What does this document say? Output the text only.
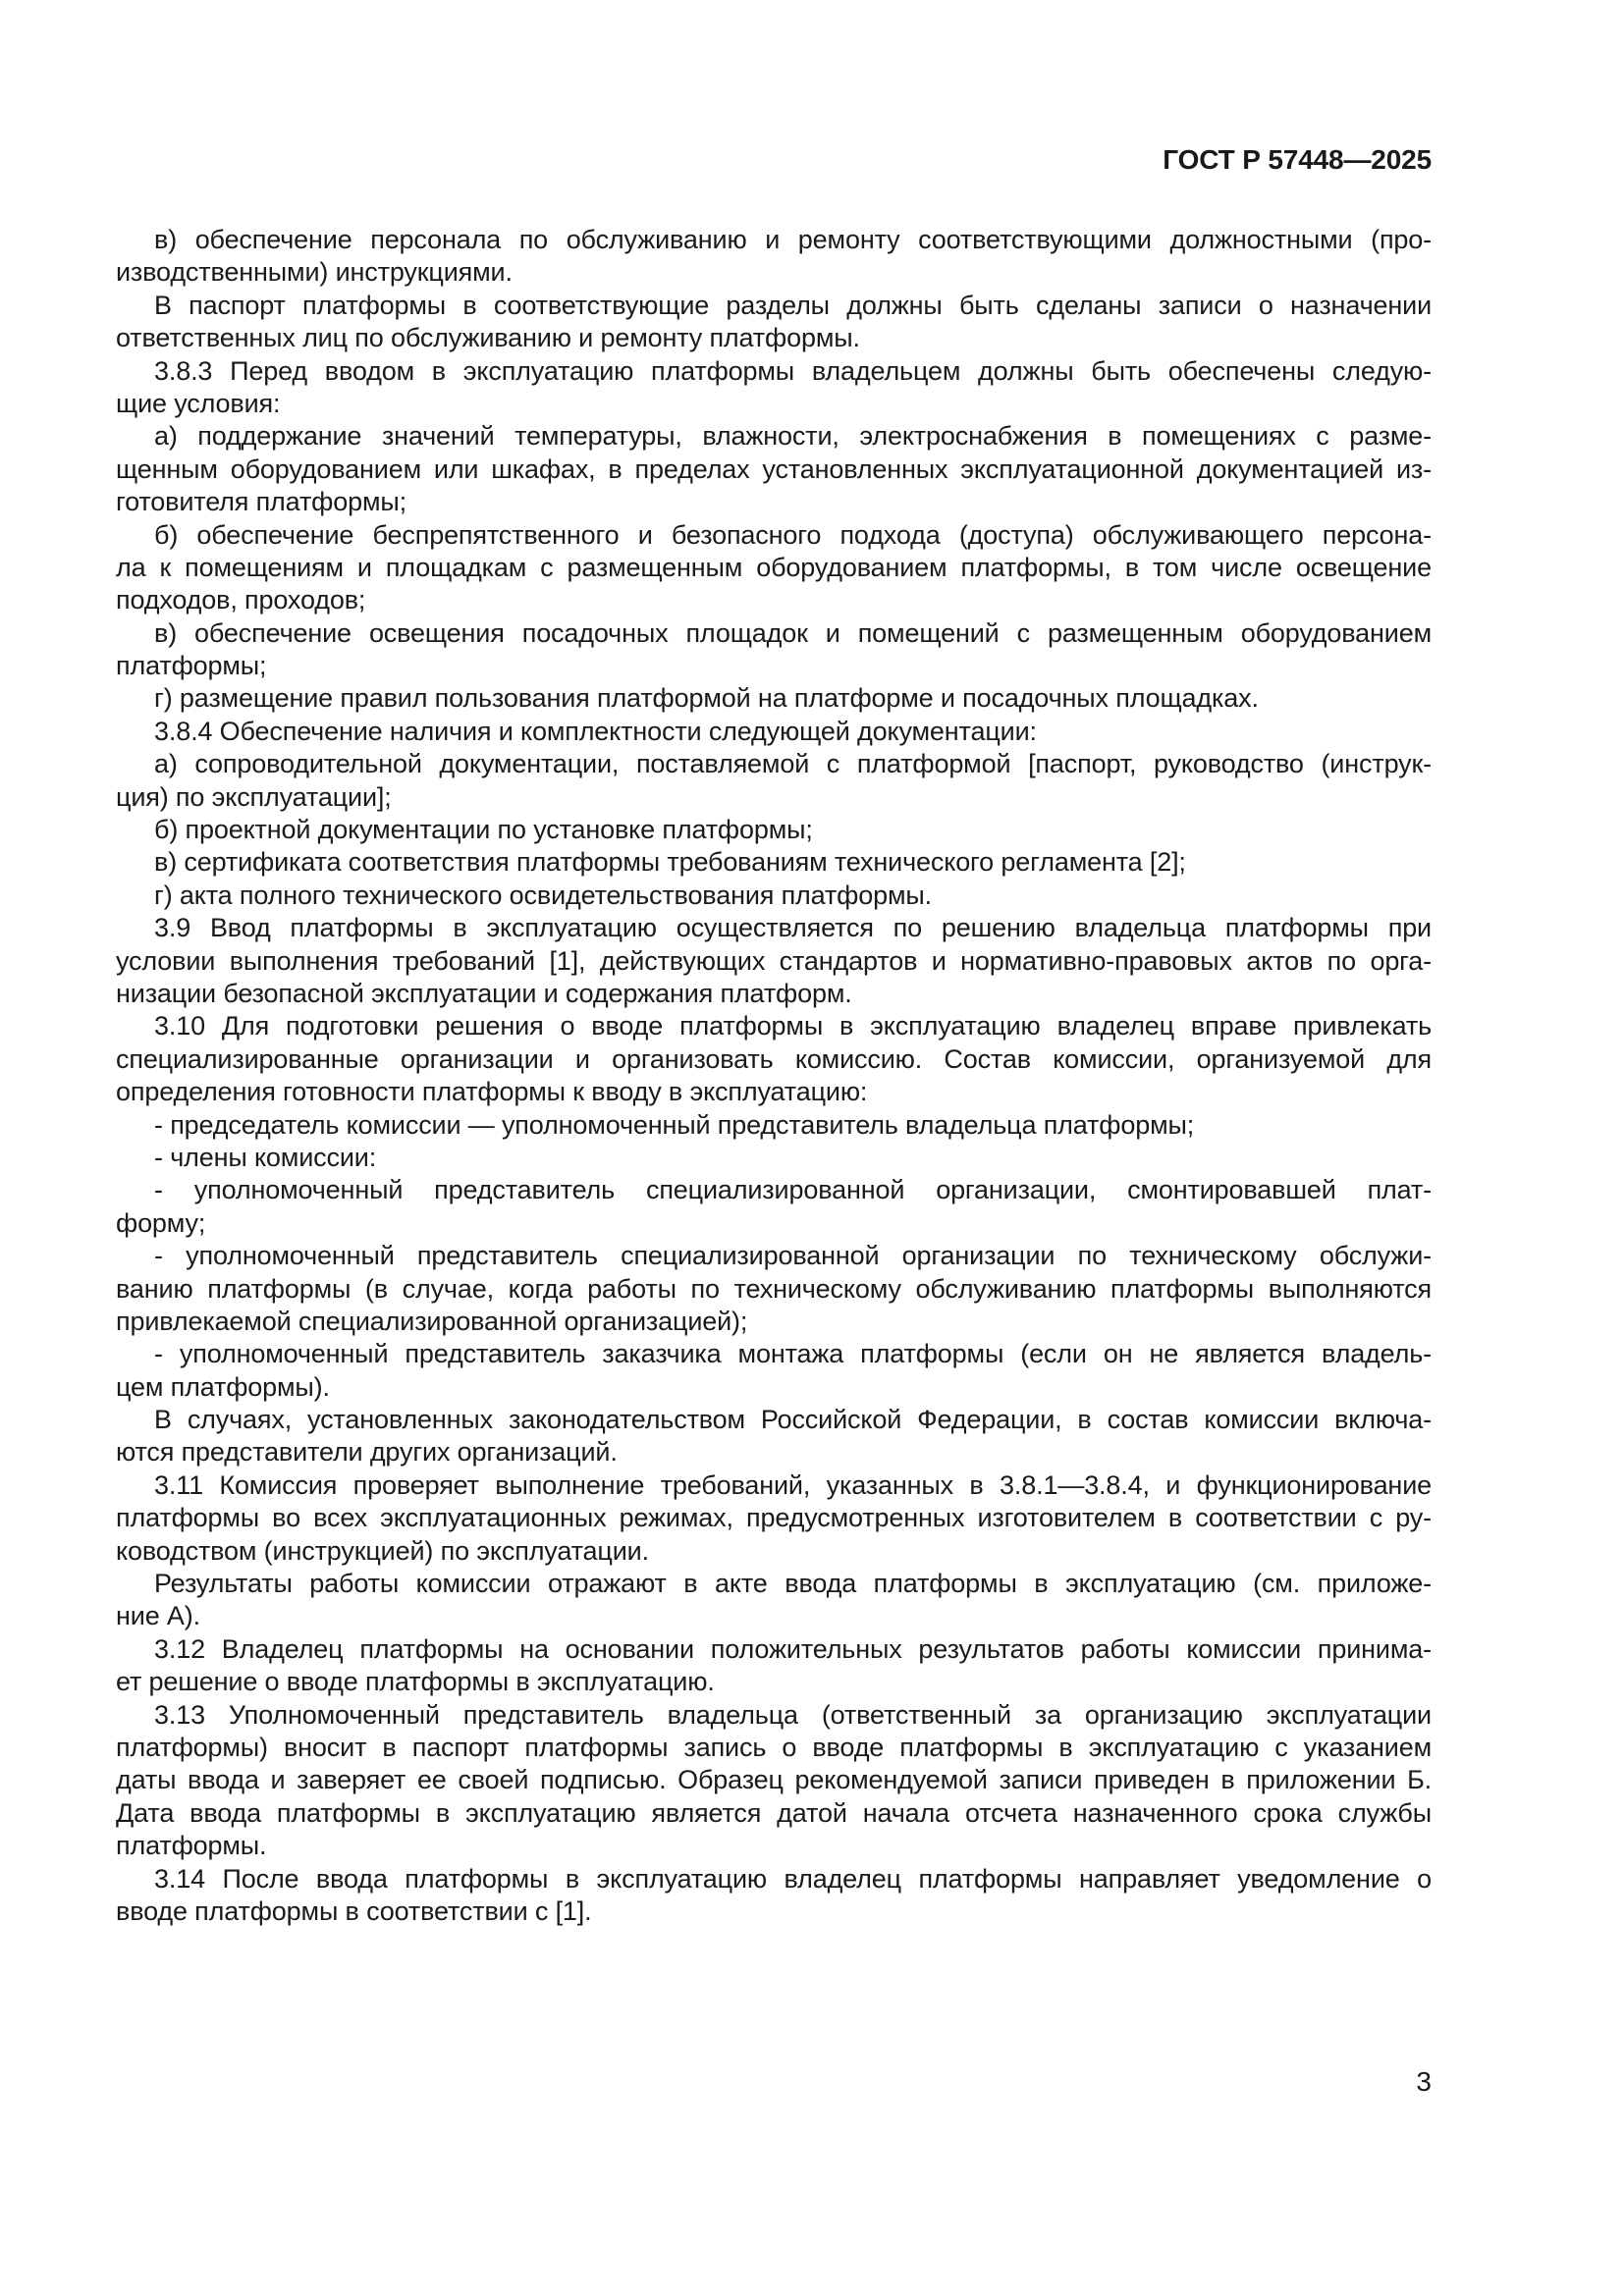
ГОСТ Р 57448—2025
в) обеспечение персонала по обслуживанию и ремонту соответствующими должностными (про-
изводственными) инструкциями.
В паспорт платформы в соответствующие разделы должны быть сделаны записи о назначении
ответственных лиц по обслуживанию и ремонту платформы.
3.8.3 Перед вводом в эксплуатацию платформы владельцем должны быть обеспечены следую-
щие условия:
а) поддержание значений температуры, влажности, электроснабжения в помещениях с разме-
щенным оборудованием или шкафах, в пределах установленных эксплуатационной документацией из-
готовителя платформы;
б) обеспечение беспрепятственного и безопасного подхода (доступа) обслуживающего персона-
ла к помещениям и площадкам с размещенным оборудованием платформы, в том числе освещение
подходов, проходов;
в) обеспечение освещения посадочных площадок и помещений с размещенным оборудованием
платформы;
г) размещение правил пользования платформой на платформе и посадочных площадках.
3.8.4 Обеспечение наличия и комплектности следующей документации:
а) сопроводительной документации, поставляемой с платформой [паспорт, руководство (инструк-
ция) по эксплуатации];
б) проектной документации по установке платформы;
в) сертификата соответствия платформы требованиям технического регламента [2];
г) акта полного технического освидетельствования платформы.
3.9 Ввод платформы в эксплуатацию осуществляется по решению владельца платформы при
условии выполнения требований [1], действующих стандартов и нормативно-правовых актов по орга-
низации безопасной эксплуатации и содержания платформ.
3.10 Для подготовки решения о вводе платформы в эксплуатацию владелец вправе привлекать
специализированные организации и организовать комиссию. Состав комиссии, организуемой для
определения готовности платформы к вводу в эксплуатацию:
- председатель комиссии — уполномоченный представитель владельца платформы;
- члены комиссии:
- уполномоченный представитель специализированной организации, смонтировавшей плат-
форму;
- уполномоченный представитель специализированной организации по техническому обслужи-
ванию платформы (в случае, когда работы по техническому обслуживанию платформы выполняются
привлекаемой специализированной организацией);
- уполномоченный представитель заказчика монтажа платформы (если он не является владель-
цем платформы).
В случаях, установленных законодательством Российской Федерации, в состав комиссии включа-
ются представители других организаций.
3.11 Комиссия проверяет выполнение требований, указанных в 3.8.1—3.8.4, и функционирование
платформы во всех эксплуатационных режимах, предусмотренных изготовителем в соответствии с ру-
ководством (инструкцией) по эксплуатации.
Результаты работы комиссии отражают в акте ввода платформы в эксплуатацию (см. приложе-
ние А).
3.12 Владелец платформы на основании положительных результатов работы комиссии принима-
ет решение о вводе платформы в эксплуатацию.
3.13 Уполномоченный представитель владельца (ответственный за организацию эксплуатации
платформы) вносит в паспорт платформы запись о вводе платформы в эксплуатацию с указанием
даты ввода и заверяет ее своей подписью. Образец рекомендуемой записи приведен в приложении Б.
Дата ввода платформы в эксплуатацию является датой начала отсчета назначенного срока службы
платформы.
3.14 После ввода платформы в эксплуатацию владелец платформы направляет уведомление о
вводе платформы в соответствии с [1].
3
